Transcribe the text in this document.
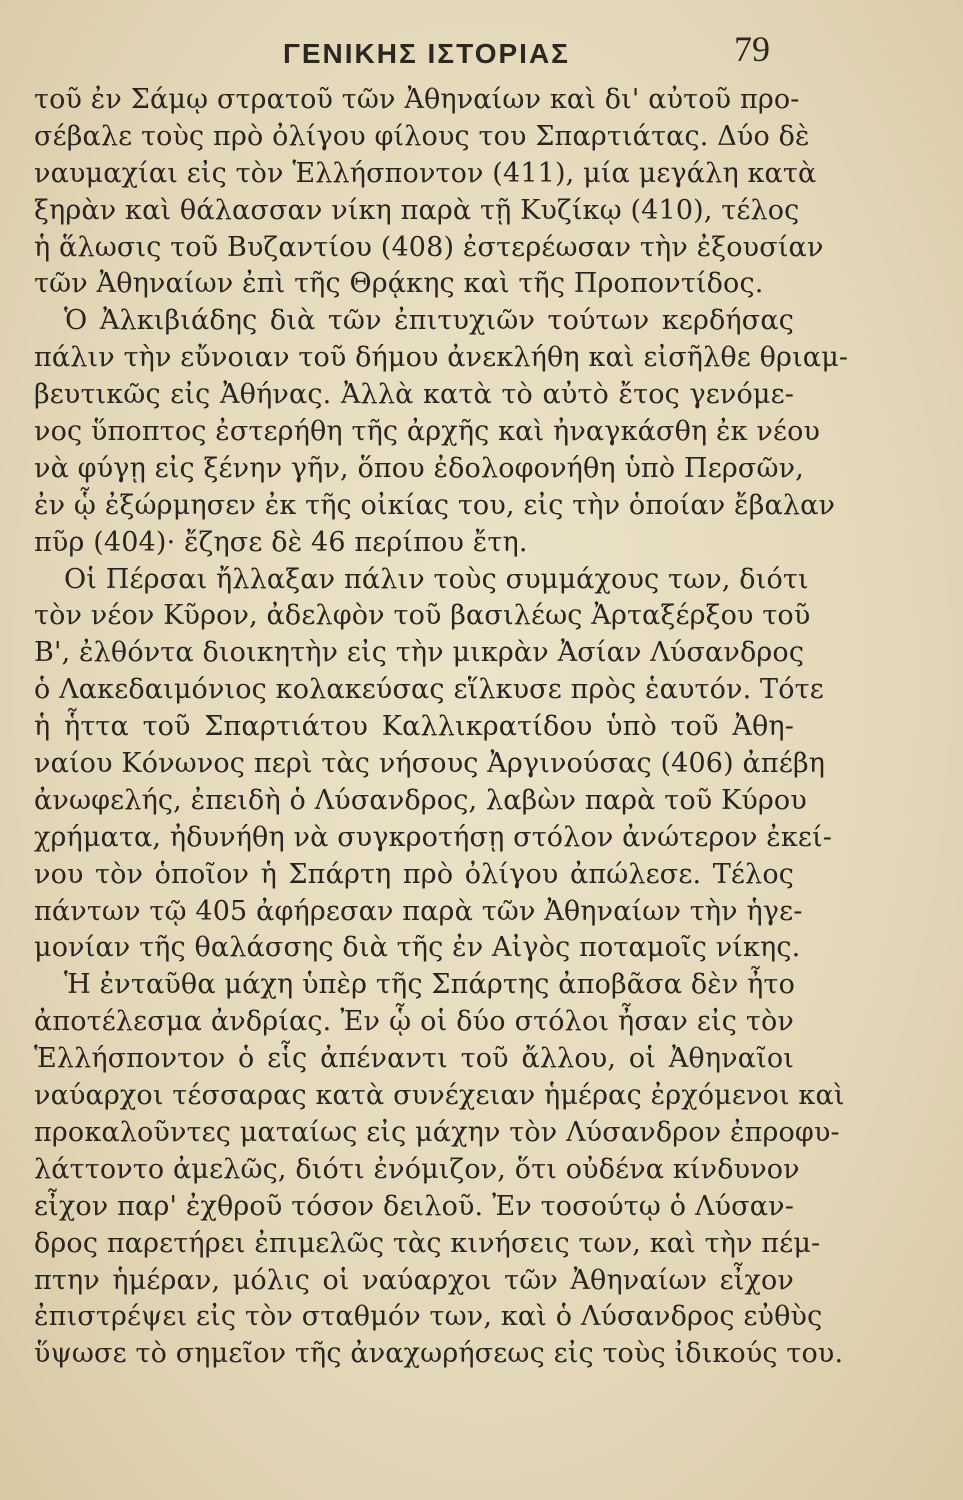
ΓΕΝΙΚΗΣ ΙΣΤΟΡΙΑΣ	79
τοῦ ἐν Σάμῳ στρατοῦ τῶν Ἀθηναίων καὶ δι' αὐτοῦ προ-
σέβαλε τοὺς πρὸ ὀλίγου φίλους του Σπαρτιάτας. Δύο δὲ
ναυμαχίαι εἰς τὸν Ἑλλήσποντον (411), μία μεγάλη κατὰ
ξηρὰν καὶ θάλασσαν νίκη παρὰ τῇ Κυζίκῳ (410), τέλος
ἡ ἅλωσις τοῦ Βυζαντίου (408) ἐστερέωσαν τὴν ἐξουσίαν
τῶν Ἀθηναίων ἐπὶ τῆς Θρᾴκης καὶ τῆς Προποντίδος.
Ὁ Ἀλκιβιάδης διὰ τῶν ἐπιτυχιῶν τούτων κερδήσας
πάλιν τὴν εὔνοιαν τοῦ δήμου ἀνεκλήθη καὶ εἰσῆλθε θριαμ-
βευτικῶς εἰς Ἀθήνας. Ἀλλὰ κατὰ τὸ αὐτὸ ἔτος γενόμε-
νος ὕποπτος ἐστερήθη τῆς ἀρχῆς καὶ ἠναγκάσθη ἐκ νέου
νὰ φύγῃ εἰς ξένην γῆν, ὅπου ἐδολοφονήθη ὑπὸ Περσῶν,
ἐν ᾧ ἐξώρμησεν ἐκ τῆς οἰκίας του, εἰς τὴν ὁποίαν ἔβαλαν
πῦρ (404)· ἔζησε δὲ 46 περίπου ἔτη.
Οἱ Πέρσαι ἤλλαξαν πάλιν τοὺς συμμάχους των, διότι
τὸν νέον Κῦρον, ἀδελφὸν τοῦ βασιλέως Ἀρταξέρξου τοῦ
Β', ἐλθόντα διοικητὴν εἰς τὴν μικρὰν Ἀσίαν Λύσανδρος
ὁ Λακεδαιμόνιος κολακεύσας εἵλκυσε πρὸς ἑαυτόν. Τότε
ἡ ἧττα τοῦ Σπαρτιάτου Καλλικρατίδου ὑπὸ τοῦ Ἀθη-
ναίου Κόνωνος περὶ τὰς νήσους Ἀργινούσας (406) ἀπέβη
ἀνωφελής, ἐπειδὴ ὁ Λύσανδρος, λαβὼν παρὰ τοῦ Κύρου
χρήματα, ἠδυνήθη νὰ συγκροτήσῃ στόλον ἀνώτερον ἐκεί-
νου τὸν ὁποῖον ἡ Σπάρτη πρὸ ὀλίγου ἀπώλεσε. Τέλος
πάντων τῷ 405 ἀφήρεσαν παρὰ τῶν Ἀθηναίων τὴν ἡγε-
μονίαν τῆς θαλάσσης διὰ τῆς ἐν Αἰγὸς ποταμοῖς νίκης.
Ἡ ἐνταῦθα μάχη ὑπὲρ τῆς Σπάρτης ἀποβᾶσα δὲν ἦτο
ἀποτέλεσμα ἀνδρίας. Ἐν ᾧ οἱ δύο στόλοι ἦσαν εἰς τὸν
Ἑλλήσποντον ὁ εἷς ἀπέναντι τοῦ ἄλλου, οἱ Ἀθηναῖοι
ναύαρχοι τέσσαρας κατὰ συνέχειαν ἡμέρας ἐρχόμενοι καὶ
προκαλοῦντες ματαίως εἰς μάχην τὸν Λύσανδρον ἐπροφυ-
λάττοντο ἀμελῶς, διότι ἐνόμιζον, ὅτι οὐδένα κίνδυνον
εἶχον παρ' ἐχθροῦ τόσον δειλοῦ. Ἐν τοσούτῳ ὁ Λύσαν-
δρος παρετήρει ἐπιμελῶς τὰς κινήσεις των, καὶ τὴν πέμ-
πτην ἡμέραν, μόλις οἱ ναύαρχοι τῶν Ἀθηναίων εἶχον
ἐπιστρέψει εἰς τὸν σταθμόν των, καὶ ὁ Λύσανδρος εὐθὺς
ὕψωσε τὸ σημεῖον τῆς ἀναχωρήσεως εἰς τοὺς ἰδικούς του.
